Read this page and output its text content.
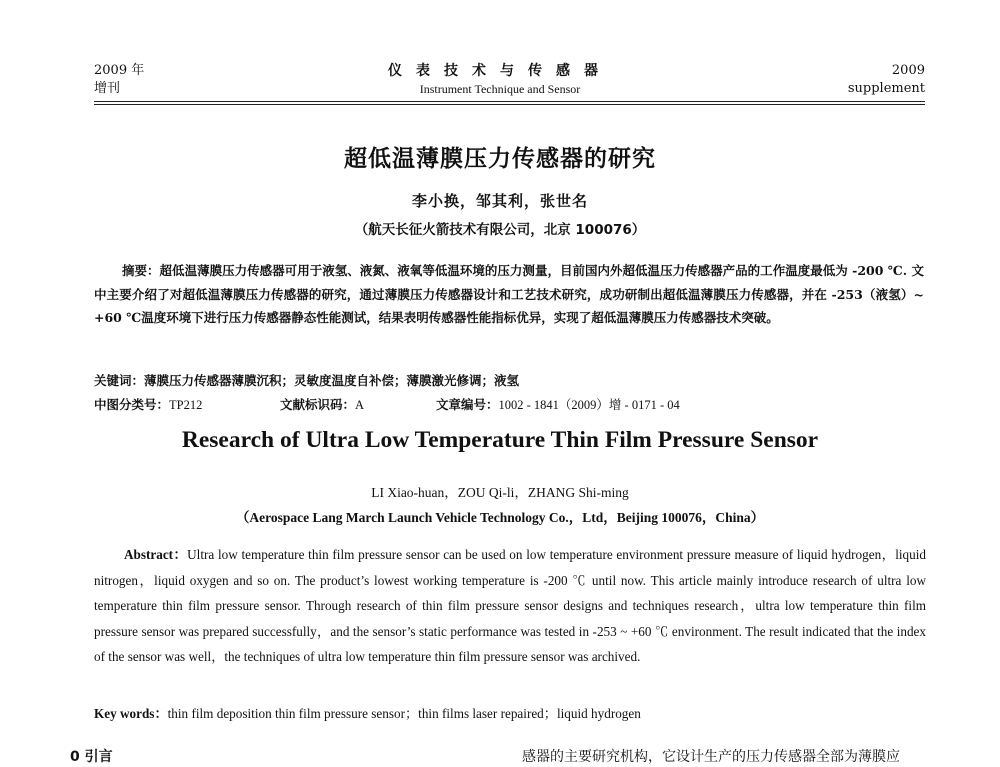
2009 年
增刊
仪表技术与传感器
Instrument Technique and Sensor
2009
supplement
超低温薄膜压力传感器的研究
李小换，邹其利，张世名
（航天长征火箭技术有限公司，北京 100076）

摘要：超低温薄膜压力传感器可用于液氢、液氮、液氧等低温环境的压力测量，目前国内外超低温压力传感器产品的工作温度最低为 -200 ℃. 文中主要介绍了对超低温薄膜压力传感器的研究，通过薄膜压力传感器设计和工艺技术研究，成功研制出超低温薄膜压力传感器，并在 -253（液氢）~ +60 ℃温度环境下进行压力传感器静态性能测试，结果表明传感器性能指标优异，实现了超低温薄膜压力传感器技术突破。

关键词：薄膜压力传感器薄膜沉积；灵敏度温度自补偿；薄膜激光修调；液氢
中图分类号：TP212	文献标识码：A	文章编号：1002 - 1841（2009）增 - 0171 - 04
Research of Ultra Low Temperature Thin Film Pressure Sensor
LI Xiao-huan，ZOU Qi-li，ZHANG Shi-ming
（Aerospace Lang March Launch Vehicle Technology Co.，Ltd，Beijing 100076，China）

Abstract：Ultra low temperature thin film pressure sensor can be used on low temperature environment pressure measure of liquid hydrogen，liquid nitrogen，liquid oxygen and so on. The product’s lowest working temperature is -200 ℃ until now. This article mainly introduce research of ultra low temperature thin film pressure sensor. Through research of thin film pressure sensor designs and techniques research，ultra low temperature thin film pressure sensor was prepared successfully，and the sensor’s static performance was tested in -253 ~ +60 ℃ environment. The result indicated that the index of the sensor was well，the techniques of ultra low temperature thin film pressure sensor was archived.

Key words：thin film deposition thin film pressure sensor；thin films laser repaired；liquid hydrogen
0 引言	感器的主要研究机构，它设计生产的压力传感器全部为薄膜应
